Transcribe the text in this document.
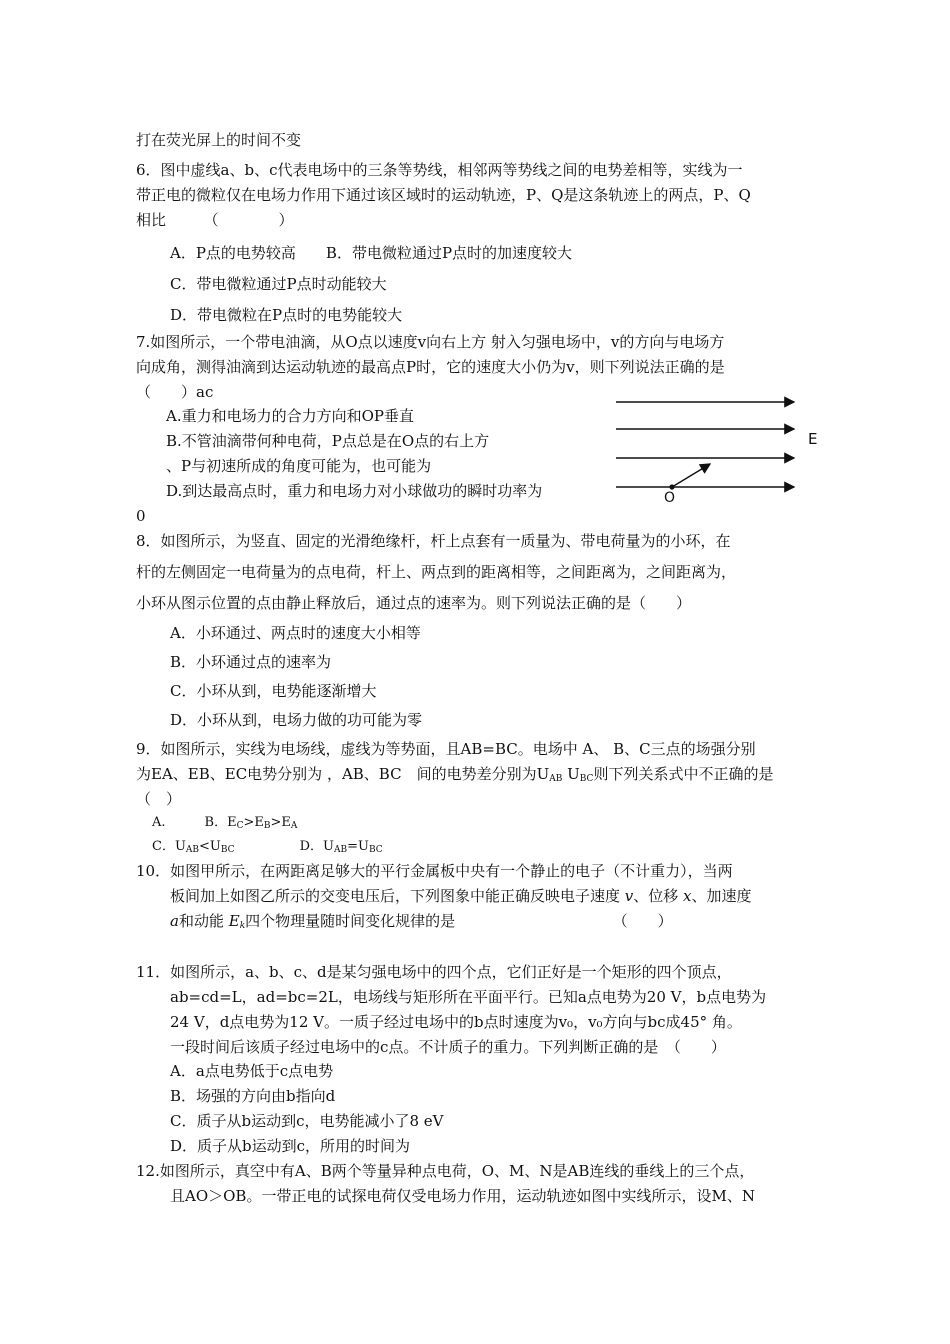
打在荧光屏上的时间不变
6．图中虚线a、b、c代表电场中的三条等势线，相邻两等势线之间的电势差相等，实线为一
带正电的微粒仅在电场力作用下通过该区域时的运动轨迹，P、Q是这条轨迹上的两点，P、Q
相比　　　（　　　　）
A．P点的电势较高　　B．带电微粒通过P点时的加速度较大
C．带电微粒通过P点时动能较大
D．带电微粒在P点时的电势能较大
7.如图所示，一个带电油滴，从O点以速度v向右上方 射入匀强电场中，v的方向与电场方
向成角，测得油滴到达运动轨迹的最高点P时，它的速度大小仍为v，则下列说法正确的是
（　　）ac
A.重力和电场力的合力方向和OP垂直
B.不管油滴带何种电荷，P点总是在O点的右上方
、P与初速所成的角度可能为，也可能为
D.到达最高点时，重力和电场力对小球做功的瞬时功率为
0
E
O
8．如图所示，为竖直、固定的光滑绝缘杆，杆上点套有一质量为、带电荷量为的小环，在
杆的左侧固定一电荷量为的点电荷，杆上、两点到的距离相等，之间距离为，之间距离为，
小环从图示位置的点由静止释放后，通过点的速率为。则下列说法正确的是（　　）
A．小环通过、两点时的速度大小相等
B．小环通过点的速率为
C．小环从到，电势能逐渐增大
D．小环从到，电场力做的功可能为零
9．如图所示，实线为电场线，虚线为等势面，且AB=BC。电场中 A、 B、C三点的场强分别
为EA、EB、EC电势分别为 ，AB、BC　间的电势差分别为$U_{AB}$ $U_{BC}$则下列关系式中不正确的是
（　）
A.　　　B．$E_C>E_B>E_A$
C．$U_{AB}<U_{BC}$　　　　　D．$U_{AB}=U_{BC}$
10．如图甲所示，在两距离足够大的平行金属板中央有一个静止的电子（不计重力），当两
板间加上如图乙所示的交变电压后，下列图象中能正确反映电子速度 v、位移 x、加速度
a和动能 $E_k$四个物理量随时间变化规律的是　　　　　　　　　　　（　　）
11．如图所示，a、b、c、d是某匀强电场中的四个点，它们正好是一个矩形的四个顶点，
ab=cd=L，ad=bc=2L，电场线与矩形所在平面平行。已知a点电势为20 V，b点电势为
24 V，d点电势为12 V。一质子经过电场中的b点时速度为v₀，v₀方向与bc成45° 角。
一段时间后该质子经过电场中的c点。不计质子的重力。下列判断正确的是　（　　）
A．a点电势低于c点电势
B．场强的方向由b指向d
C．质子从b运动到c，电势能减小了8 eV
D．质子从b运动到c，所用的时间为
12.如图所示，真空中有A、B两个等量异种点电荷，O、M、N是AB连线的垂线上的三个点，
且AO＞OB。一带正电的试探电荷仅受电场力作用，运动轨迹如图中实线所示，设M、N
